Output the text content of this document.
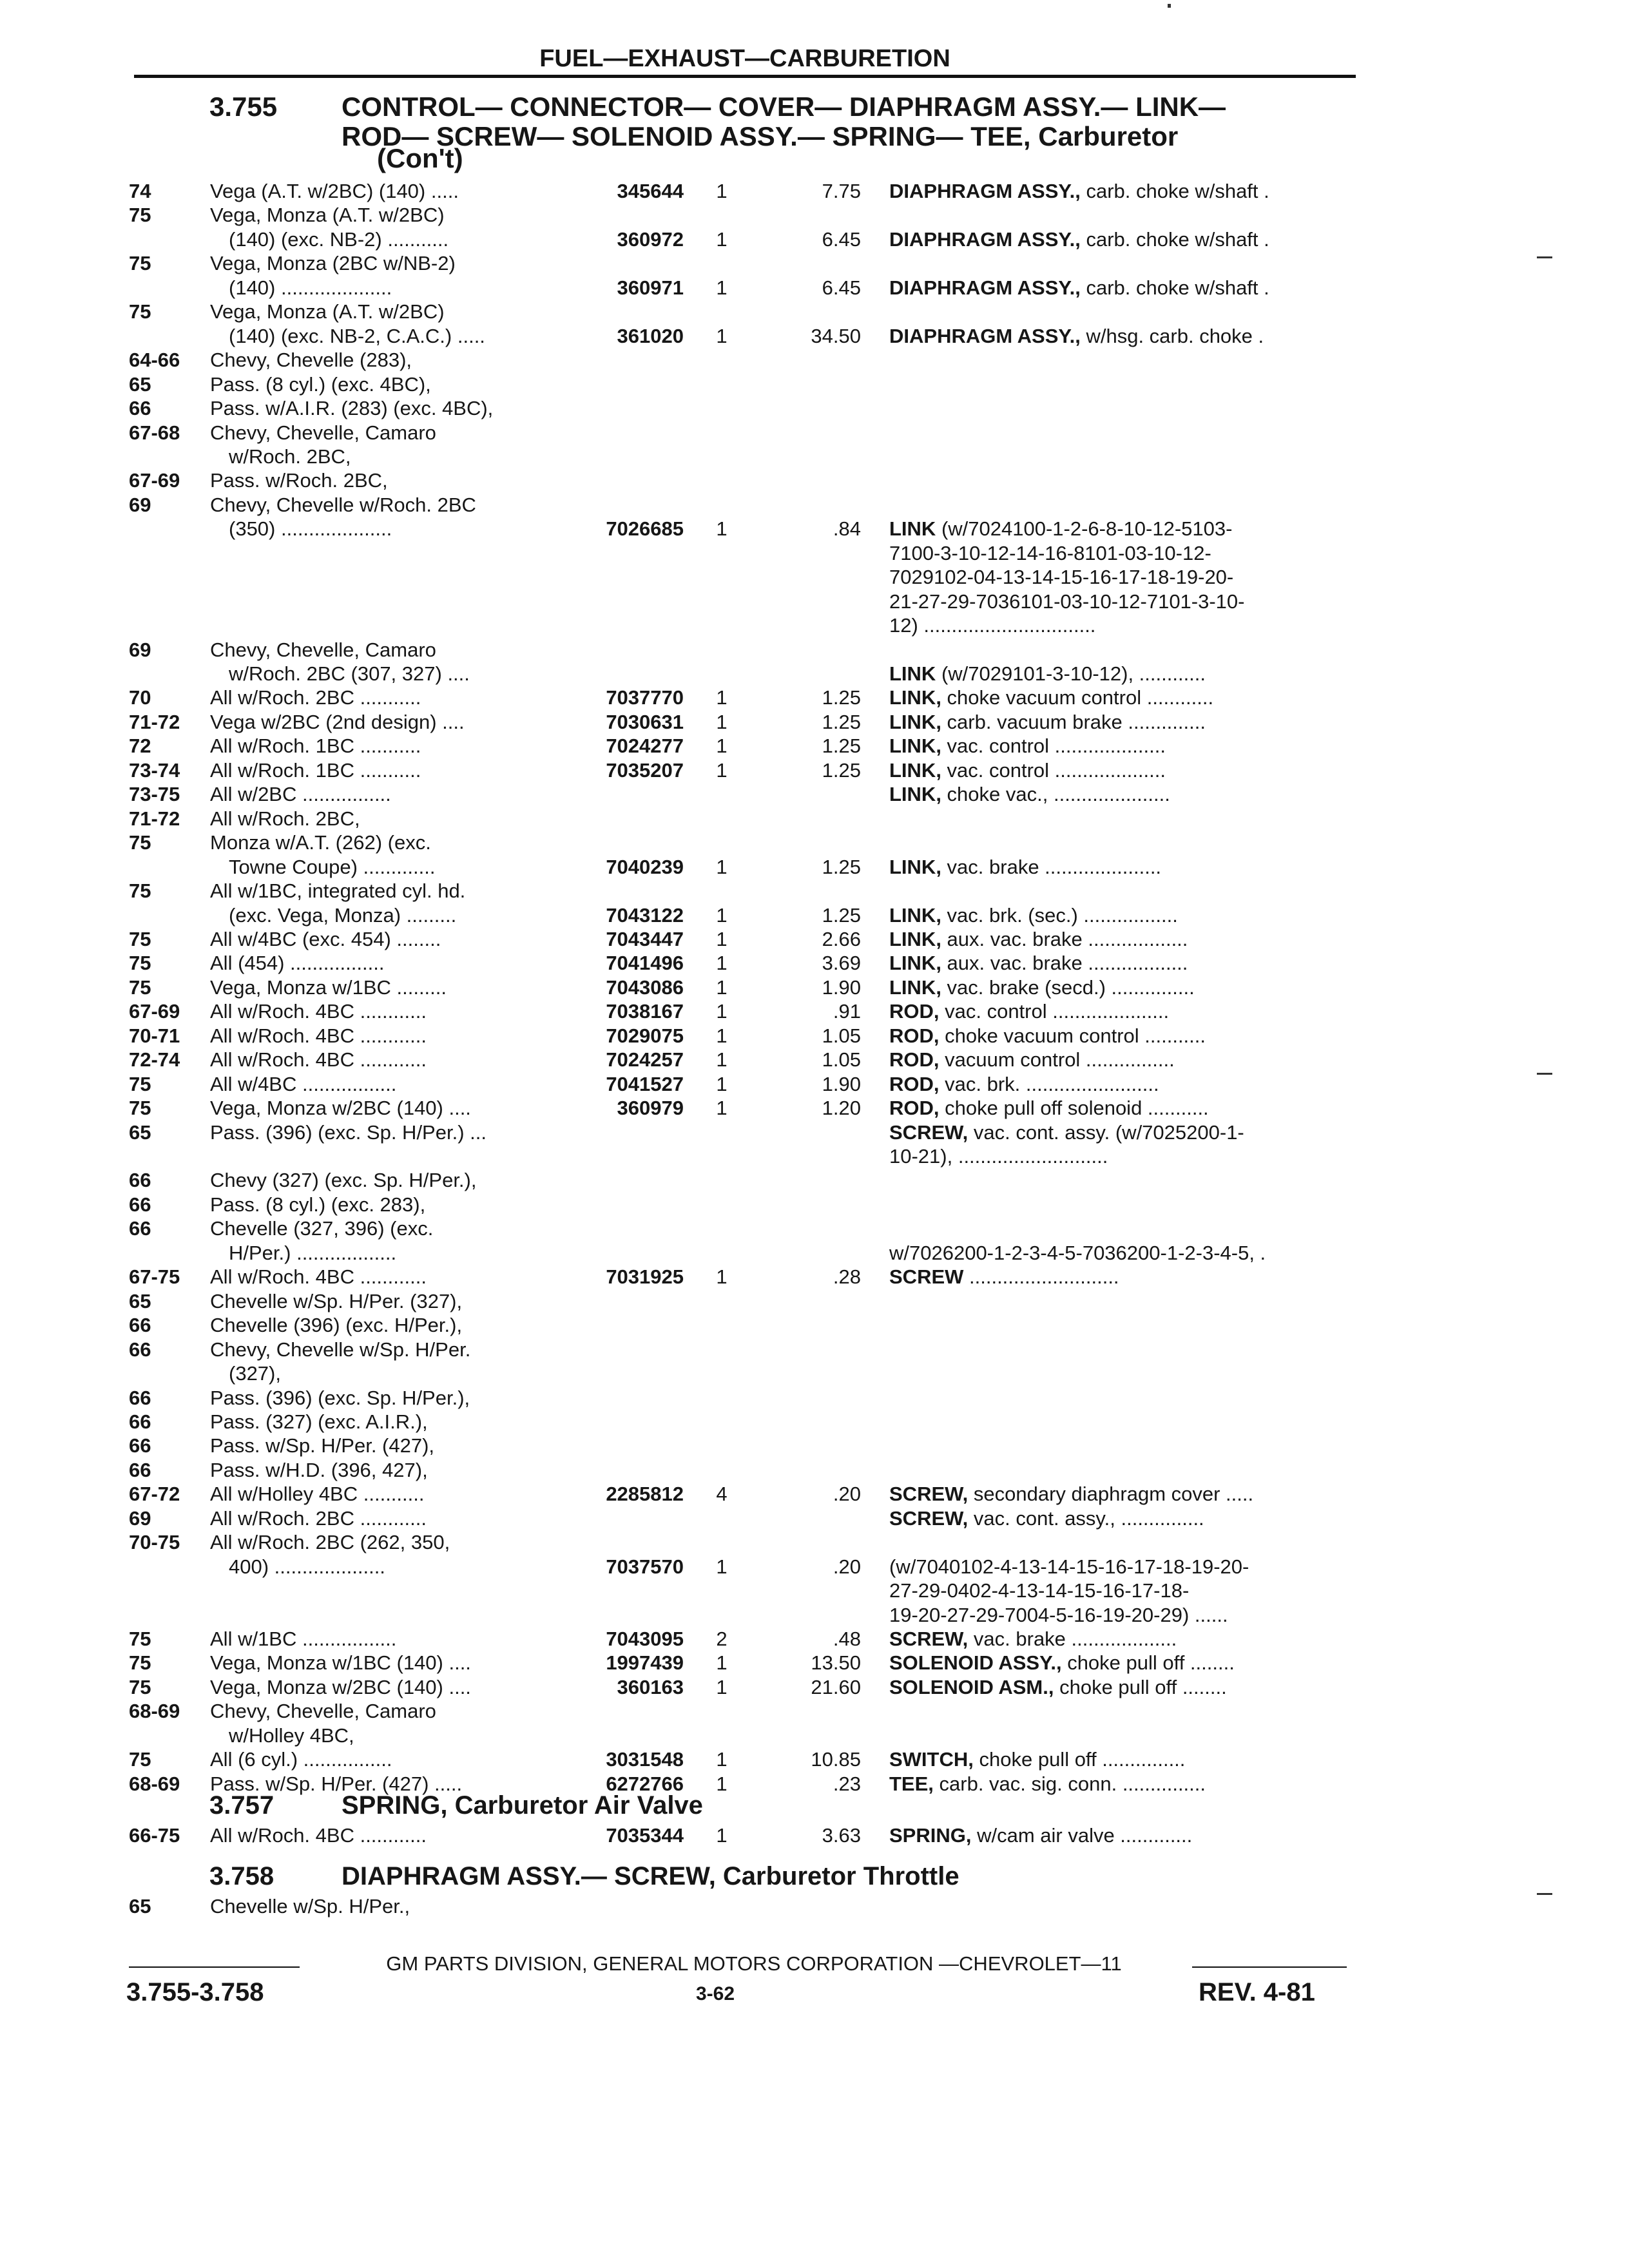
FUEL—EXHAUST—CARBURETION
3.755 CONTROL— CONNECTOR— COVER— DIAPHRAGM ASSY.— LINK—
ROD— SCREW— SOLENOID ASSY.— SPRING— TEE, Carburetor
(Con't)
74	Vega (A.T. w/2BC) (140) .....	345644	1	7.75 DIAPHRAGM ASSY., carb. choke w/shaft .
75	Vega, Monza (A.T. w/2BC)
(140) (exc. NB-2) ...........	360972	1	6.45 DIAPHRAGM ASSY., carb. choke w/shaft .
75	Vega, Monza (2BC w/NB-2)
(140) ....................	360971	1	6.45 DIAPHRAGM ASSY., carb. choke w/shaft .
75	Vega, Monza (A.T. w/2BC)
(140) (exc. NB-2, C.A.C.) .....	361020	1	34.50 DIAPHRAGM ASSY., w/hsg. carb. choke .
64-66 Chevy, Chevelle (283),
65	Pass. (8 cyl.) (exc. 4BC),
66	Pass. w/A.I.R. (283) (exc. 4BC),
67-68 Chevy, Chevelle, Camaro
w/Roch. 2BC,
67-69 Pass. w/Roch. 2BC,
69	Chevy, Chevelle w/Roch. 2BC
(350) ....................	7026685	1	.84 LINK (w/7024100-1-2-6-8-10-12-5103-
7100-3-10-12-14-16-8101-03-10-12-
7029102-04-13-14-15-16-17-18-19-20-
21-27-29-7036101-03-10-12-7101-3-10-
12) ...............................
69	Chevy, Chevelle, Camaro
w/Roch. 2BC (307, 327) ....	LINK (w/7029101-3-10-12), ............
70	All w/Roch. 2BC ...........	7037770	1	1.25 LINK, choke vacuum control ............
71-72 Vega w/2BC (2nd design) ....	7030631	1	1.25 LINK, carb. vacuum brake ..............
72	All w/Roch. 1BC ...........	7024277	1	1.25 LINK, vac. control ....................
73-74 All w/Roch. 1BC ...........	7035207	1	1.25 LINK, vac. control ....................
73-75 All w/2BC ................	LINK, choke vac., .....................
71-72 All w/Roch. 2BC,
75	Monza w/A.T. (262) (exc.
Towne Coupe) .............	7040239	1	1.25 LINK, vac. brake .....................
75	All w/1BC, integrated cyl. hd.
(exc. Vega, Monza) .........	7043122	1	1.25 LINK, vac. brk. (sec.) .................
75	All w/4BC (exc. 454) ........	7043447	1	2.66 LINK, aux. vac. brake ..................
75	All (454) .................	7041496	1	3.69 LINK, aux. vac. brake ..................
75	Vega, Monza w/1BC .........	7043086	1	1.90 LINK, vac. brake (secd.) ...............
67-69 All w/Roch. 4BC ............	7038167	1	.91 ROD, vac. control .....................
70-71 All w/Roch. 4BC ............	7029075	1	1.05 ROD, choke vacuum control ...........
72-74 All w/Roch. 4BC ............	7024257	1	1.05 ROD, vacuum control ................
75	All w/4BC .................	7041527	1	1.90 ROD, vac. brk. ........................
75	Vega, Monza w/2BC (140) ....	360979	1	1.20 ROD, choke pull off solenoid ...........
65	Pass. (396) (exc. Sp. H/Per.) ...	SCREW, vac. cont. assy. (w/7025200-1-
10-21), ...........................
66	Chevy (327) (exc. Sp. H/Per.),
66	Pass. (8 cyl.) (exc. 283),
66	Chevelle (327, 396) (exc.
H/Per.) ..................	w/7026200-1-2-3-4-5-7036200-1-2-3-4-5, .
67-75 All w/Roch. 4BC ............	7031925	1	.28 SCREW ...........................
65	Chevelle w/Sp. H/Per. (327),
66	Chevelle (396) (exc. H/Per.),
66	Chevy, Chevelle w/Sp. H/Per.
(327),
66	Pass. (396) (exc. Sp. H/Per.),
66	Pass. (327) (exc. A.I.R.),
66	Pass. w/Sp. H/Per. (427),
66	Pass. w/H.D. (396, 427),
67-72 All w/Holley 4BC ...........	2285812	4	.20 SCREW, secondary diaphragm cover .....
69	All w/Roch. 2BC ............	SCREW, vac. cont. assy., ...............
70-75 All w/Roch. 2BC (262, 350,
400) ....................	7037570	1	.20 (w/7040102-4-13-14-15-16-17-18-19-20-
27-29-0402-4-13-14-15-16-17-18-
19-20-27-29-7004-5-16-19-20-29) ......
75	All w/1BC .................	7043095	2	.48 SCREW, vac. brake ...................
75	Vega, Monza w/1BC (140) ....	1997439	1	13.50 SOLENOID ASSY., choke pull off ........
75	Vega, Monza w/2BC (140) ....	360163	1	21.60 SOLENOID ASM., choke pull off ........
68-69 Chevy, Chevelle, Camaro
w/Holley 4BC,
75	All (6 cyl.) ................	3031548	1	10.85 SWITCH, choke pull off ...............
68-69 Pass. w/Sp. H/Per. (427) .....	6272766	1	.23 TEE, carb. vac. sig. conn. ...............
3.757	SPRING, Carburetor Air Valve
66-75 All w/Roch. 4BC ............	7035344	1	3.63 SPRING, w/cam air valve .............
3.758	DIAPHRAGM ASSY.— SCREW, Carburetor Throttle
65	Chevelle w/Sp. H/Per.,
GM PARTS DIVISION, GENERAL MOTORS CORPORATION —CHEVROLET—11
3.755-3.758	3-62	REV. 4-81
